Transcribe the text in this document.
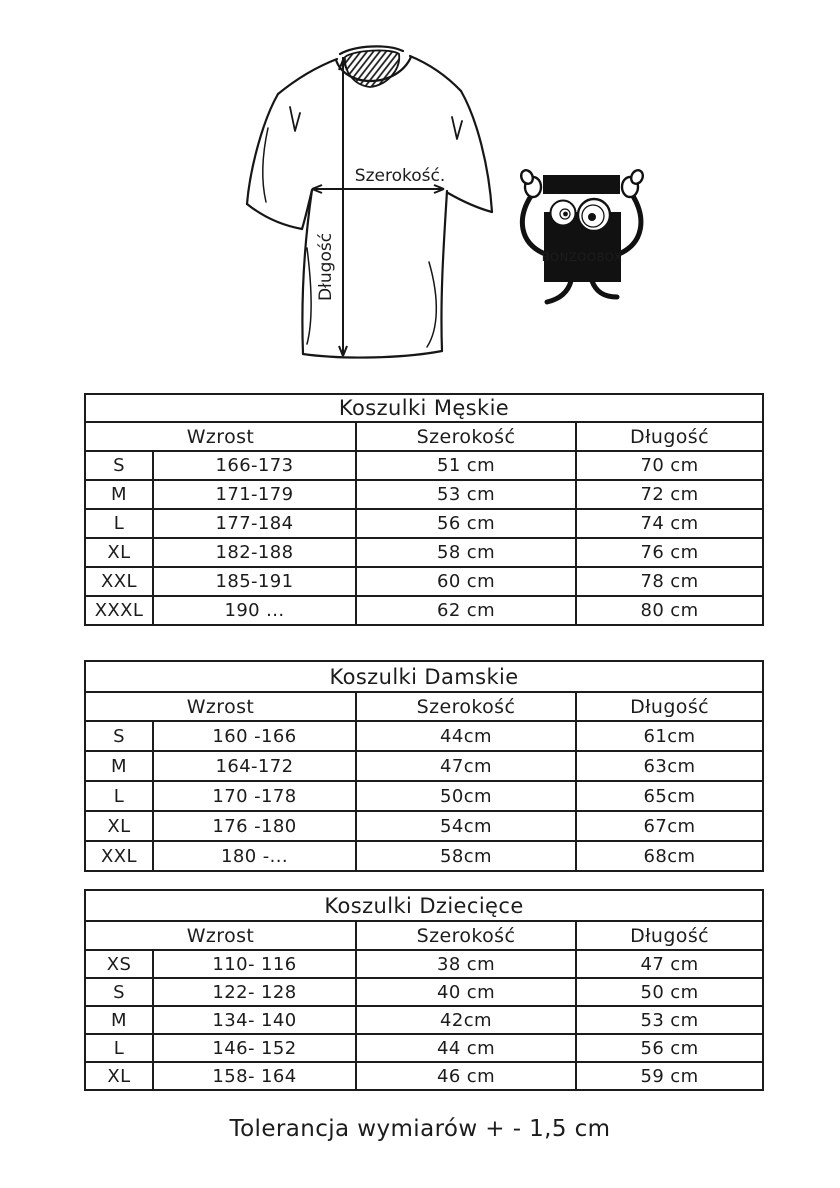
Szerokość.
Długość	BONZOOBOX
Koszulki Męskie			
Wzrost		Szerokość	Długość
S	166-173	51 cm	70 cm
M	171-179	53 cm	72 cm
L	177-184	56 cm	74 cm
XL	182-188	58 cm	76 cm
XXL	185-191	60 cm	78 cm
XXXL	190 ...	62 cm	80 cm
Koszulki Damskie			
Wzrost		Szerokość	Długość
S	160 -166	44cm	61cm
M	164-172	47cm	63cm
L	170 -178	50cm	65cm
XL	176 -180	54cm	67cm
XXL	180 -...	58cm	68cm
Koszulki Dziecięce			
Wzrost		Szerokość	Długość
XS	110- 116	38 cm	47 cm
S	122- 128	40 cm	50 cm
M	134- 140	42cm	53 cm
L	146- 152	44 cm	56 cm
XL	158- 164	46 cm	59 cm
Tolerancja wymiarów + - 1,5 cm
